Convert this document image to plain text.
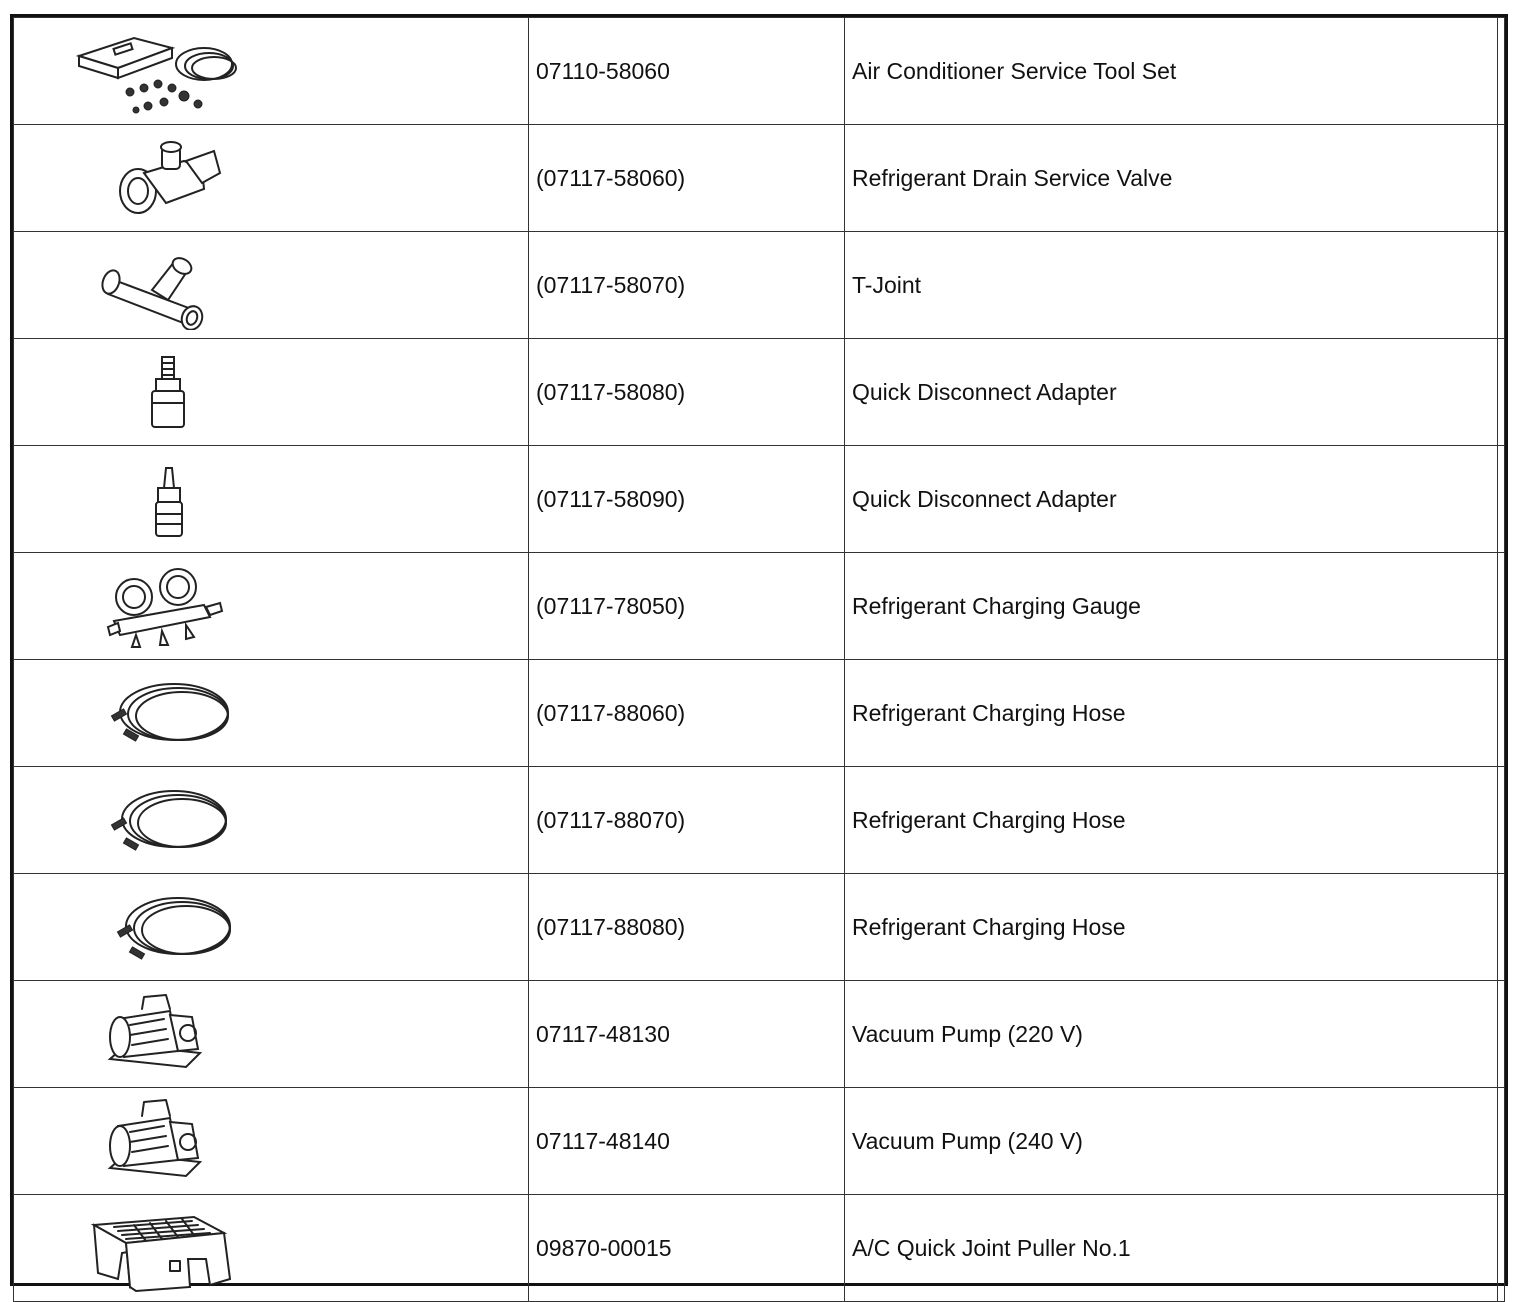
	07110-58060	Air Conditioner Service Tool Set	

	(07117-58060)	Refrigerant Drain Service Valve	

	(07117-58070)	T-Joint	

	(07117-58080)	Quick Disconnect Adapter	

	(07117-58090)	Quick Disconnect Adapter	

	(07117-78050)	Refrigerant Charging Gauge	

	(07117-88060)	Refrigerant Charging Hose	

	(07117-88070)	Refrigerant Charging Hose	

	(07117-88080)	Refrigerant Charging Hose	

	07117-48130	Vacuum Pump (220 V)	

	07117-48140	Vacuum Pump (240 V)	

	09870-00015	A/C Quick Joint Puller No.1	
